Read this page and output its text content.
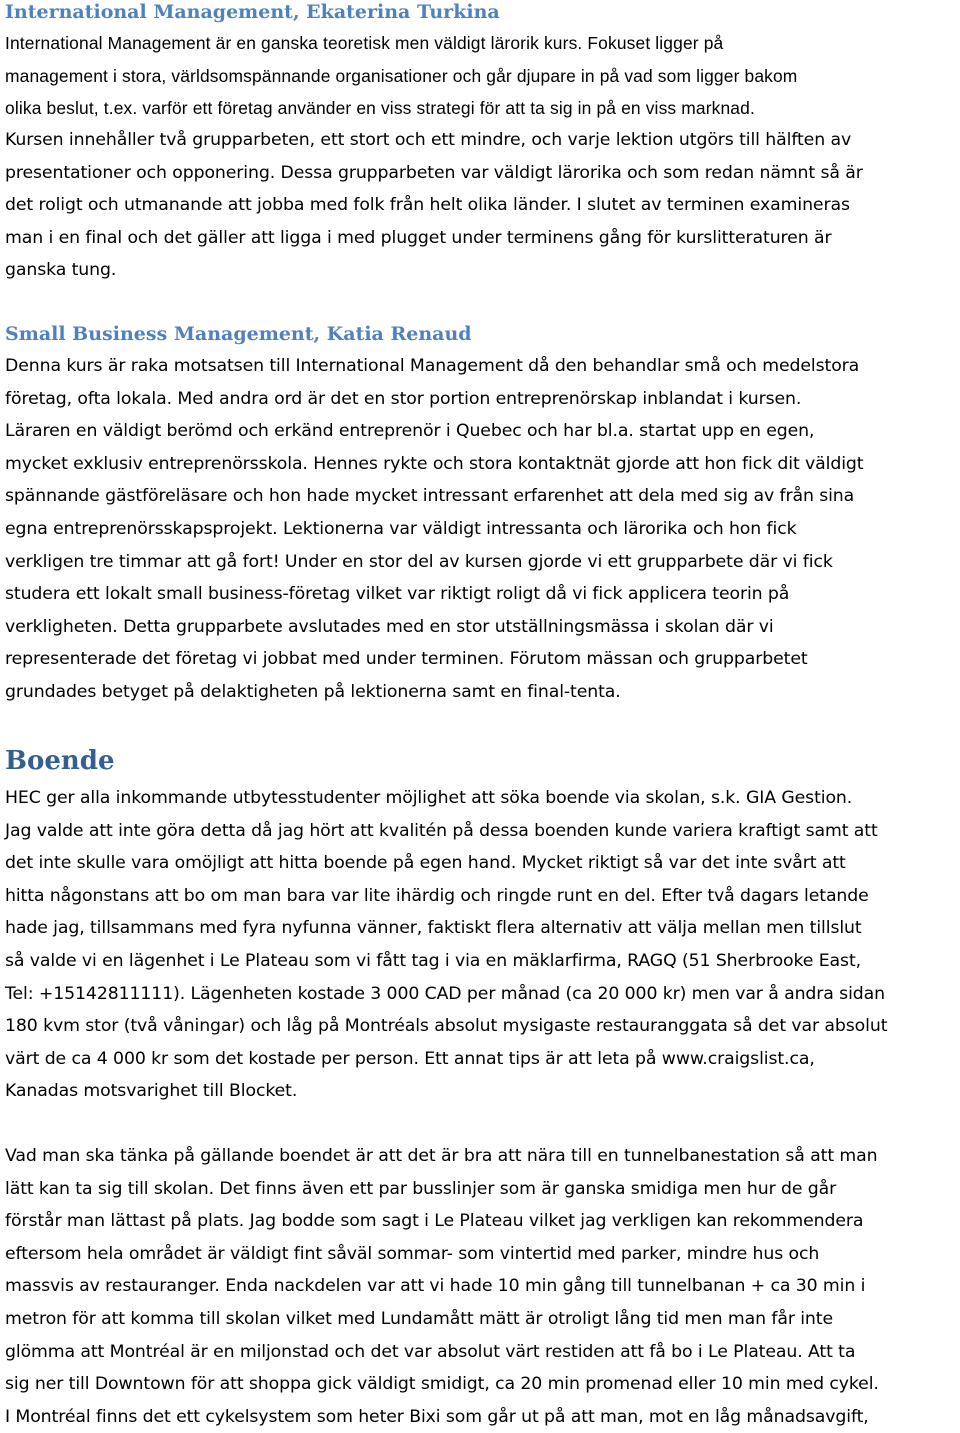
International Management, Ekaterina Turkina
International Management är en ganska teoretisk men väldigt lärorik kurs. Fokuset ligger på
management i stora, världsomspännande organisationer och går djupare in på vad som ligger bakom
olika beslut, t.ex. varför ett företag använder en viss strategi för att ta sig in på en viss marknad.
Kursen innehåller två grupparbeten, ett stort och ett mindre, och varje lektion utgörs till hälften av
presentationer och opponering. Dessa grupparbeten var väldigt lärorika och som redan nämnt så är
det roligt och utmanande att jobba med folk från helt olika länder. I slutet av terminen examineras
man i en final och det gäller att ligga i med plugget under terminens gång för kurslitteraturen är
ganska tung.
Small Business Management, Katia Renaud
Denna kurs är raka motsatsen till International Management då den behandlar små och medelstora
företag, ofta lokala. Med andra ord är det en stor portion entreprenörskap inblandat i kursen.
Läraren en väldigt berömd och erkänd entreprenör i Quebec och har bl.a. startat upp en egen,
mycket exklusiv entreprenörsskola. Hennes rykte och stora kontaktnät gjorde att hon fick dit väldigt
spännande gästföreläsare och hon hade mycket intressant erfarenhet att dela med sig av från sina
egna entreprenörsskapsprojekt. Lektionerna var väldigt intressanta och lärorika och hon fick
verkligen tre timmar att gå fort! Under en stor del av kursen gjorde vi ett grupparbete där vi fick
studera ett lokalt small business-företag vilket var riktigt roligt då vi fick applicera teorin på
verkligheten. Detta grupparbete avslutades med en stor utställningsmässa i skolan där vi
representerade det företag vi jobbat med under terminen. Förutom mässan och grupparbetet
grundades betyget på delaktigheten på lektionerna samt en final-tenta.
Boende
HEC ger alla inkommande utbytesstudenter möjlighet att söka boende via skolan, s.k. GIA Gestion.
Jag valde att inte göra detta då jag hört att kvalitén på dessa boenden kunde variera kraftigt samt att
det inte skulle vara omöjligt att hitta boende på egen hand. Mycket riktigt så var det inte svårt att
hitta någonstans att bo om man bara var lite ihärdig och ringde runt en del. Efter två dagars letande
hade jag, tillsammans med fyra nyfunna vänner, faktiskt flera alternativ att välja mellan men tillslut
så valde vi en lägenhet i Le Plateau som vi fått tag i via en mäklarfirma, RAGQ (51 Sherbrooke East,
Tel: +15142811111). Lägenheten kostade 3 000 CAD per månad (ca 20 000 kr) men var å andra sidan
180 kvm stor (två våningar) och låg på Montréals absolut mysigaste restauranggata så det var absolut
värt de ca 4 000 kr som det kostade per person. Ett annat tips är att leta på www.craigslist.ca,
Kanadas motsvarighet till Blocket.
Vad man ska tänka på gällande boendet är att det är bra att nära till en tunnelbanestation så att man
lätt kan ta sig till skolan. Det finns även ett par busslinjer som är ganska smidiga men hur de går
förstår man lättast på plats. Jag bodde som sagt i Le Plateau vilket jag verkligen kan rekommendera
eftersom hela området är väldigt fint såväl sommar- som vintertid med parker, mindre hus och
massvis av restauranger. Enda nackdelen var att vi hade 10 min gång till tunnelbanan + ca 30 min i
metron för att komma till skolan vilket med Lundamått mätt är otroligt lång tid men man får inte
glömma att Montréal är en miljonstad och det var absolut värt restiden att få bo i Le Plateau. Att ta
sig ner till Downtown för att shoppa gick väldigt smidigt, ca 20 min promenad eller 10 min med cykel.
I Montréal finns det ett cykelsystem som heter Bixi som går ut på att man, mot en låg månadsavgift,
